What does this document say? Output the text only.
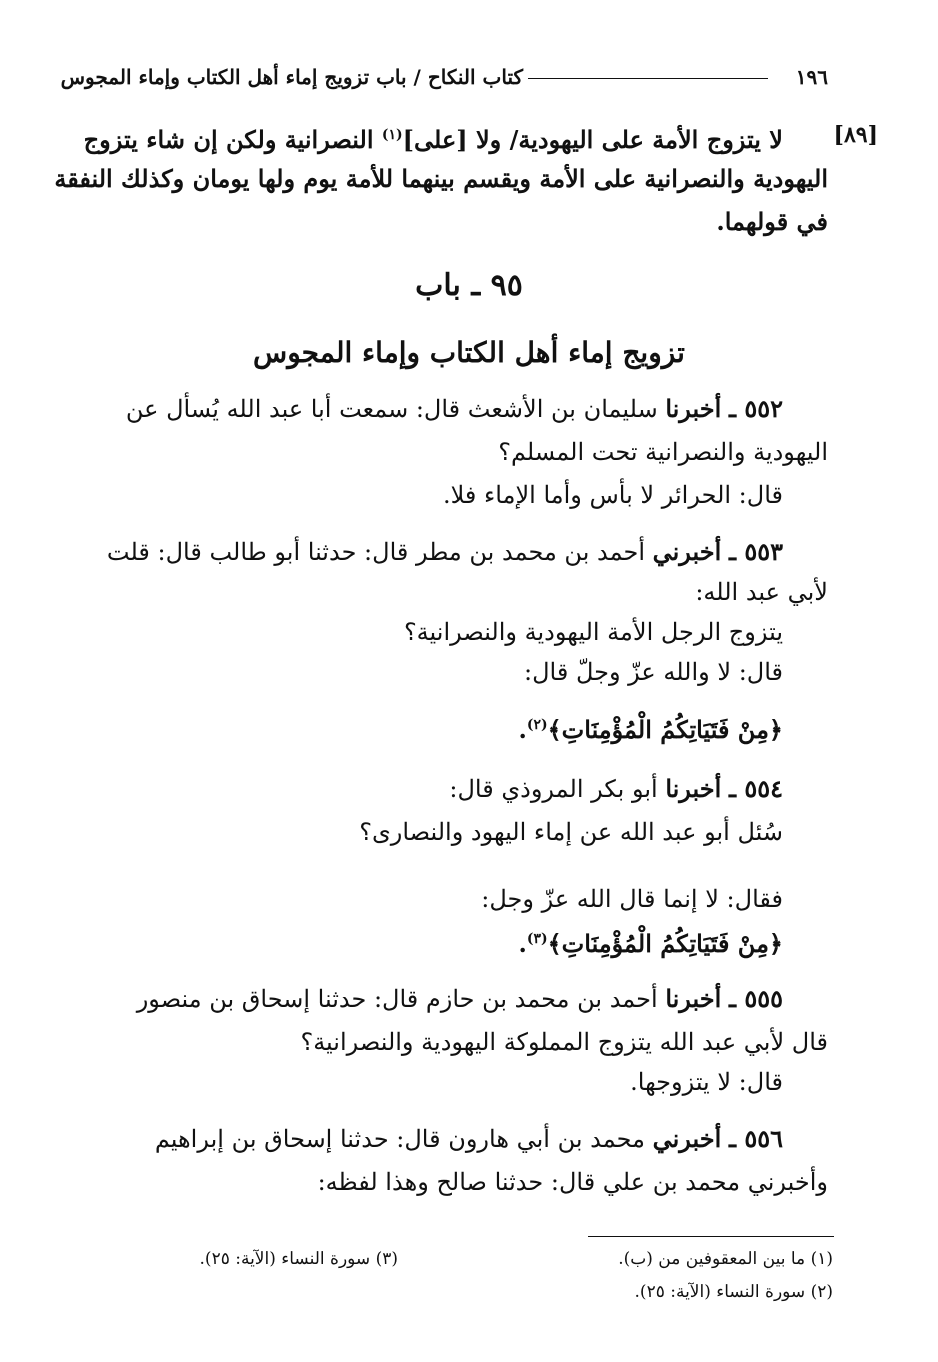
١٩٦
كتاب النكاح / باب تزويج إماء أهل الكتاب وإماء المجوس
[٨٩]
لا يتزوج الأمة على اليهودية/ ولا [على]$^{(١)}$ النصرانية ولكن إن شاء يتزوج
اليهودية والنصرانية على الأمة ويقسم بينهما للأمة يوم ولها يومان وكذلك النفقة
في قولهما.
٩٥ ـ باب
تزويج إماء أهل الكتاب وإماء المجوس
٥٥٢ ـ أخبرنا سليمان بن الأشعث قال: سمعت أبا عبد الله يُسأل عن
اليهودية والنصرانية تحت المسلم؟
قال: الحرائر لا بأس وأما الإماء فلا.
٥٥٣ ـ أخبرني أحمد بن محمد بن مطر قال: حدثنا أبو طالب قال: قلت
لأبي عبد الله:
يتزوج الرجل الأمة اليهودية والنصرانية؟
قال: لا والله عزّ وجلّ قال:
﴿مِنْ فَتَيَاتِكُمُ الْمُؤْمِنَاتِ﴾$^{(٢)}$.
٥٥٤ ـ أخبرنا أبو بكر المروذي قال:
سُئل أبو عبد الله عن إماء اليهود والنصارى؟
فقال: لا إنما قال الله عزّ وجل:
﴿مِنْ فَتَيَاتِكُمُ الْمُؤْمِنَاتِ﴾$^{(٣)}$.
٥٥٥ ـ أخبرنا أحمد بن محمد بن حازم قال: حدثنا إسحاق بن منصور
قال لأبي عبد الله يتزوج المملوكة اليهودية والنصرانية؟
قال: لا يتزوجها.
٥٥٦ ـ أخبرني محمد بن أبي هارون قال: حدثنا إسحاق بن إبراهيم
وأخبرني محمد بن علي قال: حدثنا صالح وهذا لفظه:
(١) ما بين المعقوفين من (ب).
(٢) سورة النساء (الآية: ٢٥).
(٣) سورة النساء (الآية: ٢٥).
